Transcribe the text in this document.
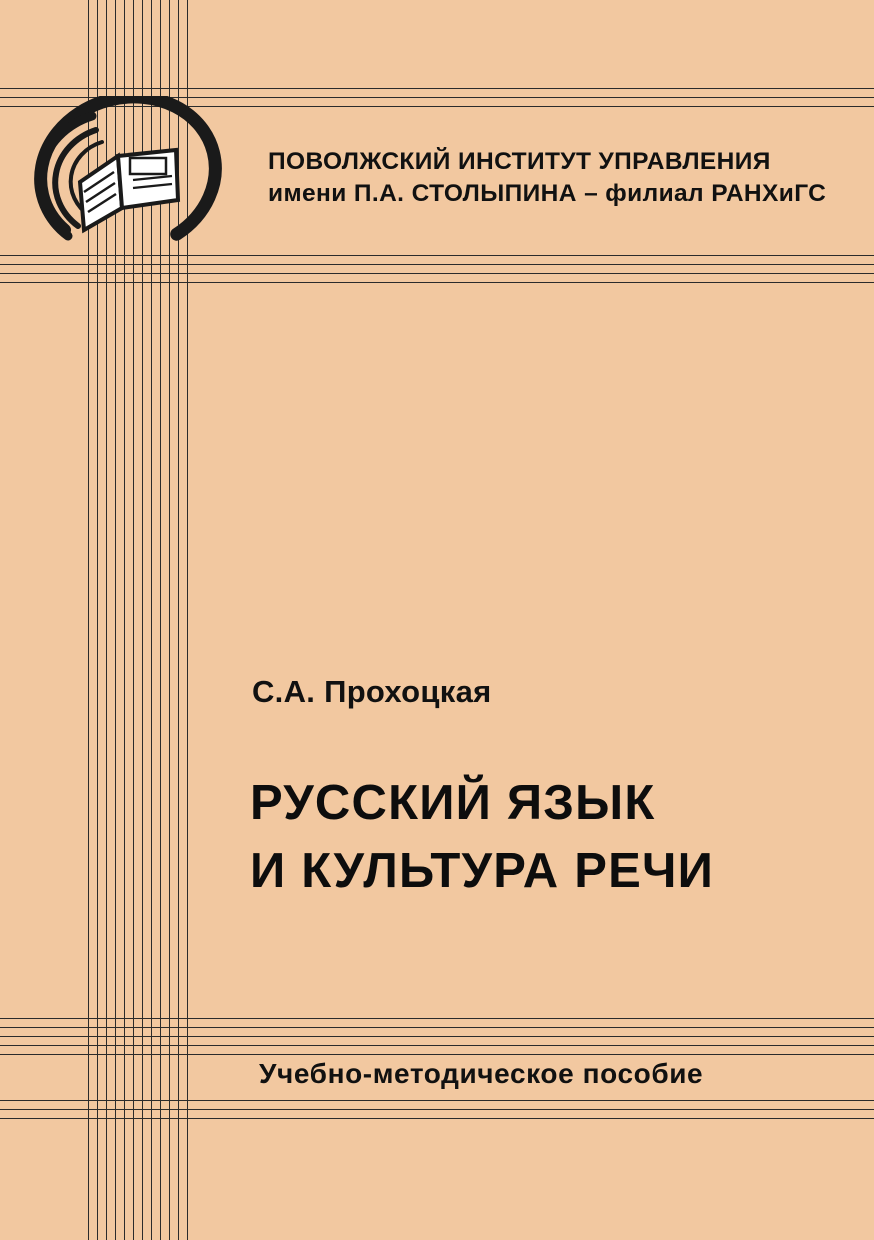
ПОВОЛЖСКИЙ ИНСТИТУТ УПРАВЛЕНИЯ
имени П.А. СТОЛЫПИНА – филиал РАНХиГС
С.А. Прохоцкая
РУССКИЙ ЯЗЫК
И КУЛЬТУРА РЕЧИ
Учебно-методическое пособие
